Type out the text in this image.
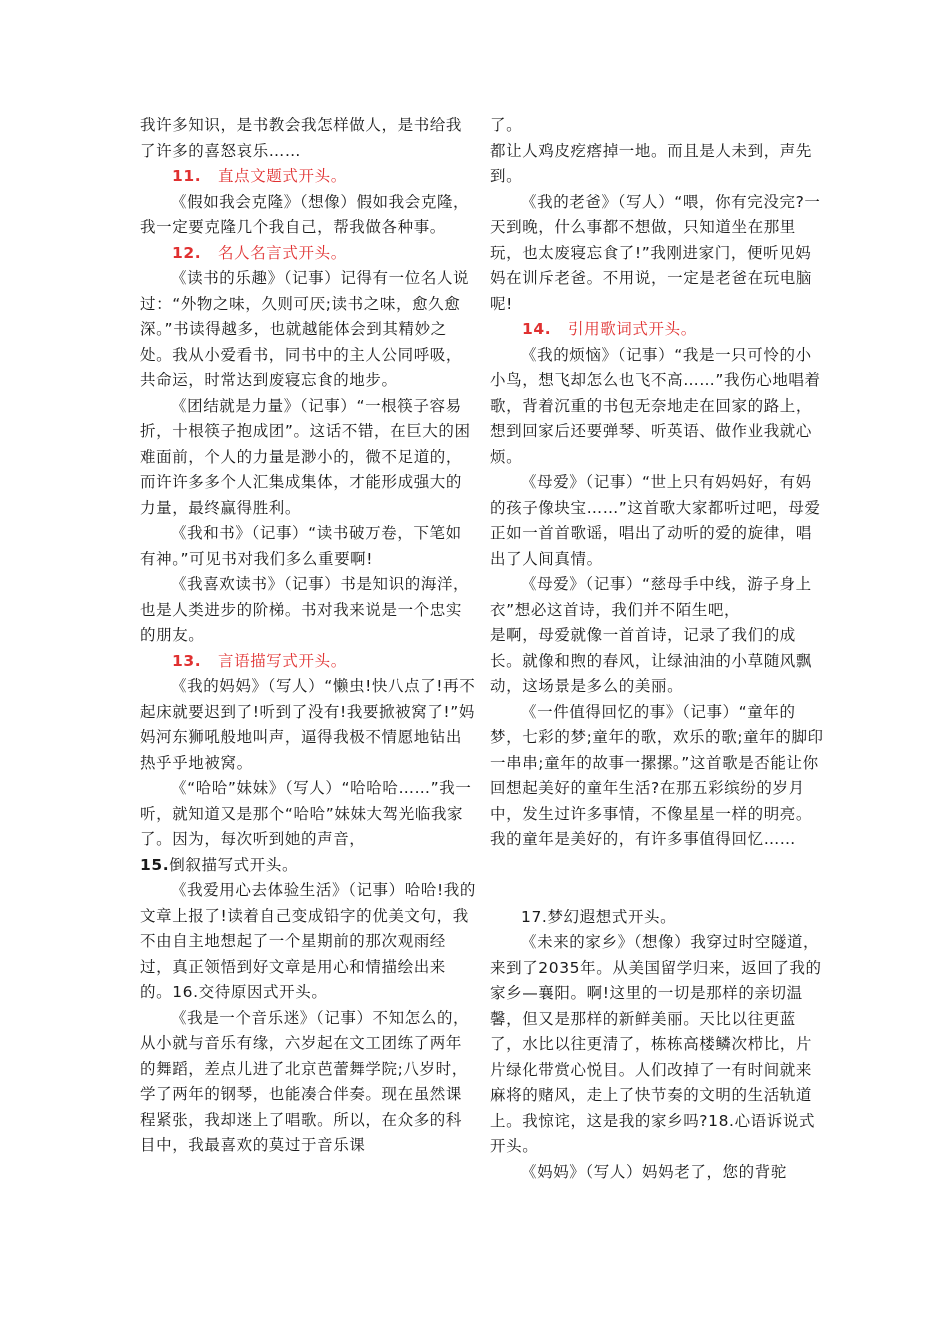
我许多知识，是书教会我怎样做人，是书给我了许多的喜怒哀乐……

11. 直点文题式开头。

《假如我会克隆》（想像）假如我会克隆，我一定要克隆几个我自己，帮我做各种事。

12. 名人名言式开头。

《读书的乐趣》（记事）记得有一位名人说过：“外物之味，久则可厌;读书之味，愈久愈深。”书读得越多，也就越能体会到其精妙之处。我从小爱看书，同书中的主人公同呼吸，共命运，时常达到废寝忘食的地步。

《团结就是力量》（记事）“一根筷子容易折，十根筷子抱成团”。这话不错，在巨大的困难面前，个人的力量是渺小的，微不足道的，而许许多多个人汇集成集体，才能形成强大的力量，最终赢得胜利。

《我和书》（记事）“读书破万卷，下笔如有神。”可见书对我们多么重要啊!

《我喜欢读书》（记事）书是知识的海洋，也是人类进步的阶梯。书对我来说是一个忠实的朋友。

13. 言语描写式开头。

《我的妈妈》（写人）“懒虫!快八点了!再不起床就要迟到了!听到了没有!我要掀被窝了!”妈妈河东狮吼般地叫声，逼得我极不情愿地钻出热乎乎地被窝。

《“哈哈”妹妹》（写人）“哈哈哈……”我一听，就知道又是那个“哈哈”妹妹大驾光临我家了。因为，每次听到她的声音，

15.倒叙描写式开头。

《我爱用心去体验生活》（记事）哈哈!我的文章上报了!读着自己变成铅字的优美文句，我不由自主地想起了一个星期前的那次观雨经过，真正领悟到好文章是用心和情描绘出来的。16.交待原因式开头。

《我是一个音乐迷》（记事）不知怎么的，从小就与音乐有缘，六岁起在文工团练了两年的舞蹈，差点儿进了北京芭蕾舞学院;八岁时，学了两年的钢琴，也能凑合伴奏。现在虽然课程紧张，我却迷上了唱歌。所以，在众多的科目中，我最喜欢的莫过于音乐课

了。

都让人鸡皮疙瘩掉一地。而且是人未到，声先到。

《我的老爸》（写人）“喂，你有完没完?一天到晚，什么事都不想做，只知道坐在那里玩，也太废寝忘食了!”我刚进家门，便听见妈妈在训斥老爸。不用说，一定是老爸在玩电脑呢!

14. 引用歌词式开头。

《我的烦恼》（记事）“我是一只可怜的小小鸟，想飞却怎么也飞不高……”我伤心地唱着歌，背着沉重的书包无奈地走在回家的路上，想到回家后还要弹琴、听英语、做作业我就心烦。

《母爱》（记事）“世上只有妈妈好，有妈的孩子像块宝……”这首歌大家都听过吧，母爱正如一首首歌谣，唱出了动听的爱的旋律，唱出了人间真情。

《母爱》（记事）“慈母手中线，游子身上衣”想必这首诗，我们并不陌生吧，

是啊，母爱就像一首首诗，记录了我们的成长。就像和煦的春风，让绿油油的小草随风飘动，这场景是多么的美丽。

《一件值得回忆的事》（记事）“童年的梦，七彩的梦;童年的歌，欢乐的歌;童年的脚印一串串;童年的故事一摞摞。”这首歌是否能让你回想起美好的童年生活?在那五彩缤纷的岁月中，发生过许多事情，不像星星一样的明亮。我的童年是美好的，有许多事值得回忆……

17.梦幻遐想式开头。

《未来的家乡》（想像）我穿过时空隧道，来到了2035年。从美国留学归来，返回了我的家乡—襄阳。啊!这里的一切是那样的亲切温馨，但又是那样的新鲜美丽。天比以往更蓝了，水比以往更清了，栋栋高楼鳞次栉比，片片绿化带赏心悦目。人们改掉了一有时间就来麻将的赌风，走上了快节奏的文明的生活轨道上。我惊诧，这是我的家乡吗?18.心语诉说式开头。

《妈妈》（写人）妈妈老了，您的背驼
